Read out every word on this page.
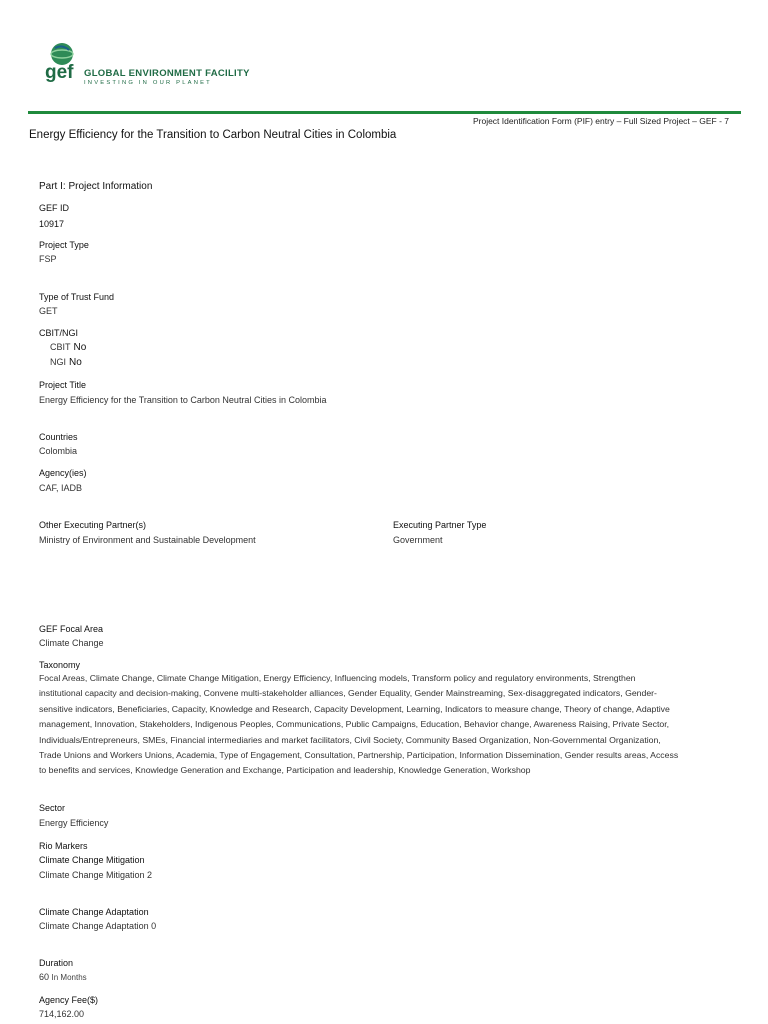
gef GLOBAL ENVIRONMENT FACILITY
INVESTING IN OUR PLANET
Project Identification Form (PIF) entry – Full Sized Project – GEF - 7
Energy Efficiency for the Transition to Carbon Neutral Cities in Colombia
Part I: Project Information
GEF ID
10917
Project Type
FSP
Type of Trust Fund
GET
CBIT/NGI
CBIT No
NGI No
Project Title
Energy Efficiency for the Transition to Carbon Neutral Cities in Colombia
Countries
Colombia
Agency(ies)
CAF, IADB
Other Executing Partner(s)
Ministry of Environment and Sustainable Development
Executing Partner Type
Government
GEF Focal Area
Climate Change
Taxonomy
Focal Areas, Climate Change, Climate Change Mitigation, Energy Efficiency, Influencing models, Transform policy and regulatory environments, Strengthen
institutional capacity and decision-making, Convene multi-stakeholder alliances, Gender Equality, Gender Mainstreaming, Sex-disaggregated indicators, Gender-
sensitive indicators, Beneficiaries, Capacity, Knowledge and Research, Capacity Development, Learning, Indicators to measure change, Theory of change, Adaptive
management, Innovation, Stakeholders, Indigenous Peoples, Communications, Public Campaigns, Education, Behavior change, Awareness Raising, Private Sector,
Individuals/Entrepreneurs, SMEs, Financial intermediaries and market facilitators, Civil Society, Community Based Organization, Non-Governmental Organization,
Trade Unions and Workers Unions, Academia, Type of Engagement, Consultation, Partnership, Participation, Information Dissemination, Gender results areas, Access
to benefits and services, Knowledge Generation and Exchange, Participation and leadership, Knowledge Generation, Workshop
Sector
Energy Efficiency
Rio Markers
Climate Change Mitigation
Climate Change Mitigation 2
Climate Change Adaptation
Climate Change Adaptation 0
Duration
60 In Months
Agency Fee($)
714,162.00
